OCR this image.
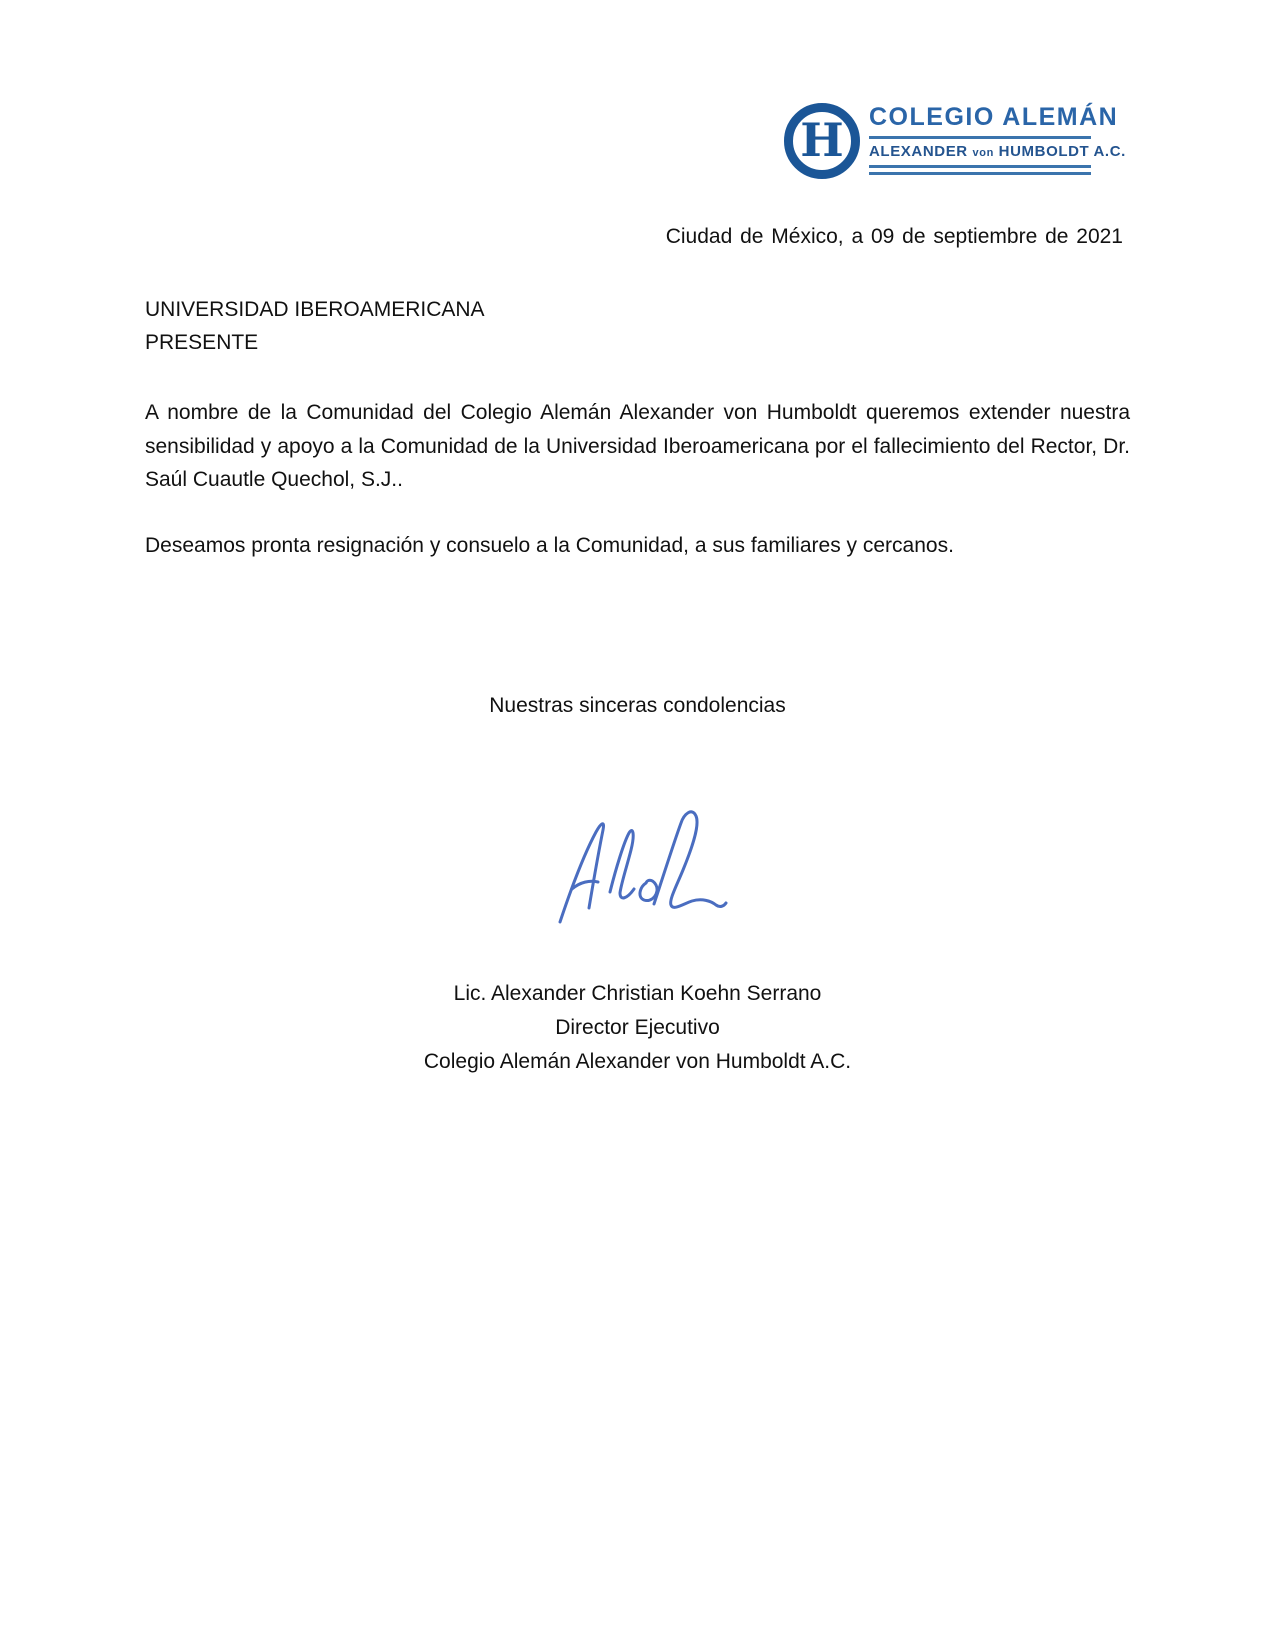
H COLEGIO ALEMÁN
ALEXANDER von HUMBOLDT A.C.
Ciudad de México, a 09 de septiembre de 2021
UNIVERSIDAD IBEROAMERICANA
PRESENTE

A nombre de la Comunidad del Colegio Alemán Alexander von Humboldt queremos extender nuestra sensibilidad y apoyo a la Comunidad de la Universidad Iberoamericana por el fallecimiento del Rector, Dr. Saúl Cuautle Quechol, S.J..

Deseamos pronta resignación y consuelo a la Comunidad, a sus familiares y cercanos.

Nuestras sinceras condolencias
Lic. Alexander Christian Koehn Serrano
Director Ejecutivo
Colegio Alemán Alexander von Humboldt A.C.
